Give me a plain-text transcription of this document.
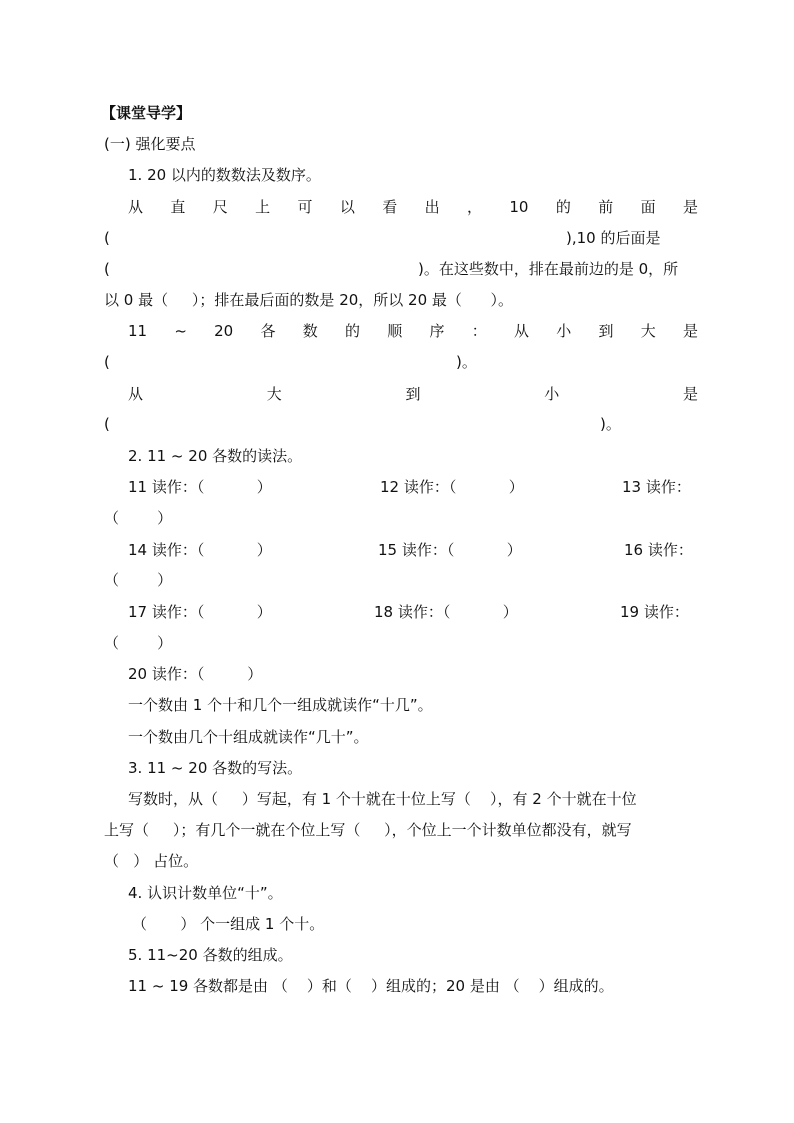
【课堂导学】
(一) 强化要点
1. 20 以内的数数法及数序。
从 直 尺 上 可 以 看 出 ， 10 的 前 面 是
(	),10 的后面是
(	)。在这些数中，排在最前边的是 0，所
以 0 最（     ）；排在最后面的数是 20，所以 20 最（      ）。
11 ~ 20 各 数 的 顺 序 ： 从 小 到 大 是
(	)。
从	大	到	小	是
(	)。
2. 11 ~ 20 各数的读法。
11 读作：（           ）	12 读作：（           ）	13 读作：
（        ）
14 读作：（           ）	15 读作：（           ）	16 读作：
（        ）
17 读作：（           ）	18 读作：（           ）	19 读作：
（        ）
20 读作：（         ）
一个数由 1 个十和几个一组成就读作“十几”。
一个数由几个十组成就读作“几十”。
3. 11 ~ 20 各数的写法。
写数时，从（     ）写起，有 1 个十就在十位上写（    ），有 2 个十就在十位
上写（     ）；有几个一就在个位上写（     ），个位上一个计数单位都没有，就写
（   ） 占位。
4. 认识计数单位“十”。
（       ） 个一组成 1 个十。
5. 11~20 各数的组成。
11 ~ 19 各数都是由 （    ）和（    ）组成的；20 是由 （    ）组成的。
